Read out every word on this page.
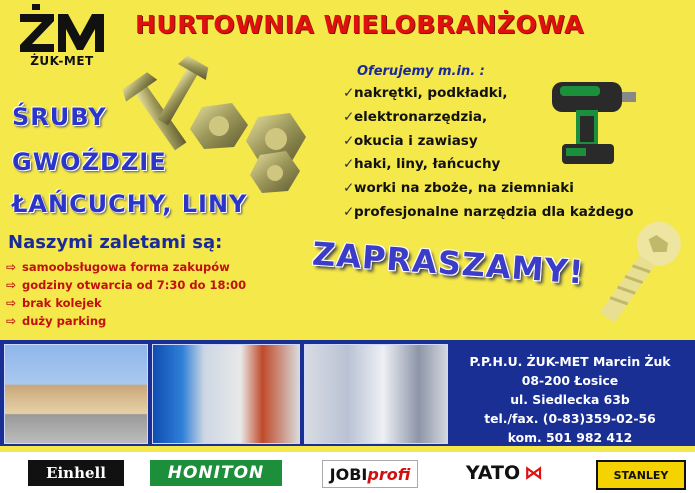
ŻUK-MET
HURTOWNIA WIELOBRANŻOWA
ŚRUBY
GWOŹDZIE
ŁAŃCUCHY, LINY
Oferujemy m.in. :
✓nakrętki, podkładki,
✓elektronarzędzia,
✓okucia i zawiasy
✓haki, liny, łańcuchy
✓worki na zboże, na ziemniaki
✓profesjonalne narzędzia dla każdego
Naszymi zaletami są:
⇨ samoobsługowa forma zakupów
⇨ godziny otwarcia od 7:30 do 18:00
⇨ brak kolejek
⇨ duży parking
ZAPRASZAMY!
P.P.H.U. ŻUK-MET Marcin Żuk
08-200 Łosice
ul. Siedlecka 63b
tel./fax. (0-83)359-02-56
kom. 501 982 412
Einhell	HONITON	JOBI profi	YATO ⋈	STANLEY
